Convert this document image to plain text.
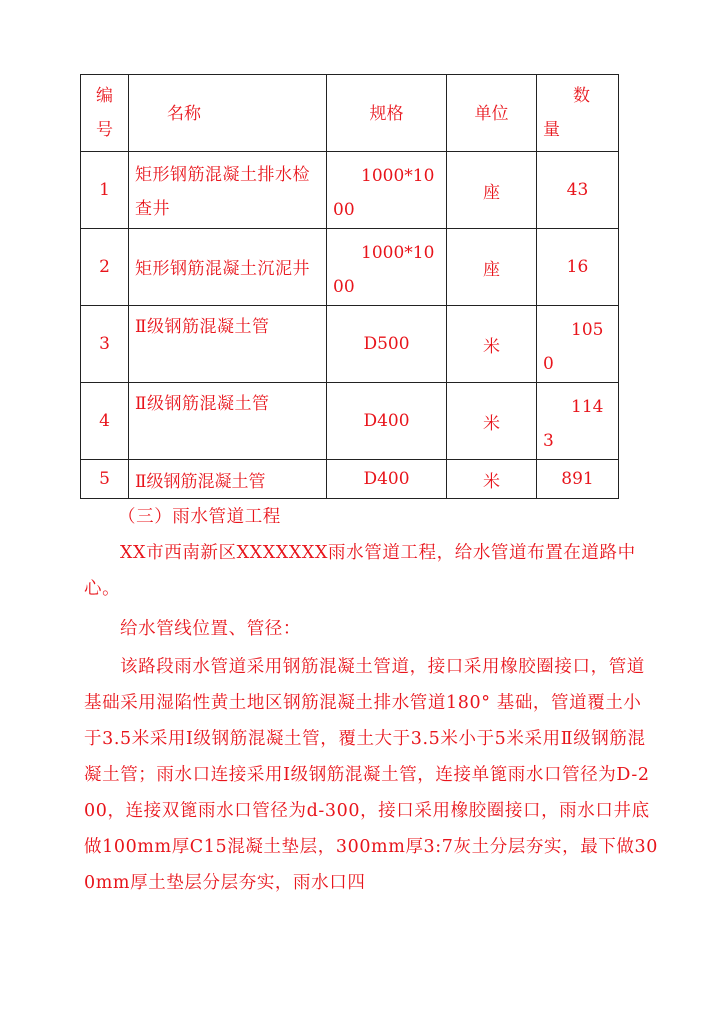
编号	名称	规格	单位	数量

1	矩形钢筋混凝土排水检查井	1000*1000	座	43
2	矩形钢筋混凝土沉泥井	1000*1000	座	16
3	Ⅱ级钢筋混凝土管	D500	米	1050

4	Ⅱ级钢筋混凝土管	D400	米	1143

5	Ⅱ级钢筋混凝土管	D400	米	891
（三）雨水管道工程
XX市西南新区XXXXXXX雨水管道工程，给水管道布置在道路中心。
给水管线位置、管径：
该路段雨水管道采用钢筋混凝土管道，接口采用橡胶圈接口，管道基础采用湿陷性黄土地区钢筋混凝土排水管道180° 基础，管道覆土小于3.5米采用Ⅰ级钢筋混凝土管，覆土大于3.5米小于5米采用Ⅱ级钢筋混凝土管；雨水口连接采用Ⅰ级钢筋混凝土管，连接单篦雨水口管径为D-200，连接双篦雨水口管径为d-300，接口采用橡胶圈接口，雨水口井底做100mm厚C15混凝土垫层，300mm厚3:7灰土分层夯实，最下做300mm厚土垫层分层夯实，雨水口四
